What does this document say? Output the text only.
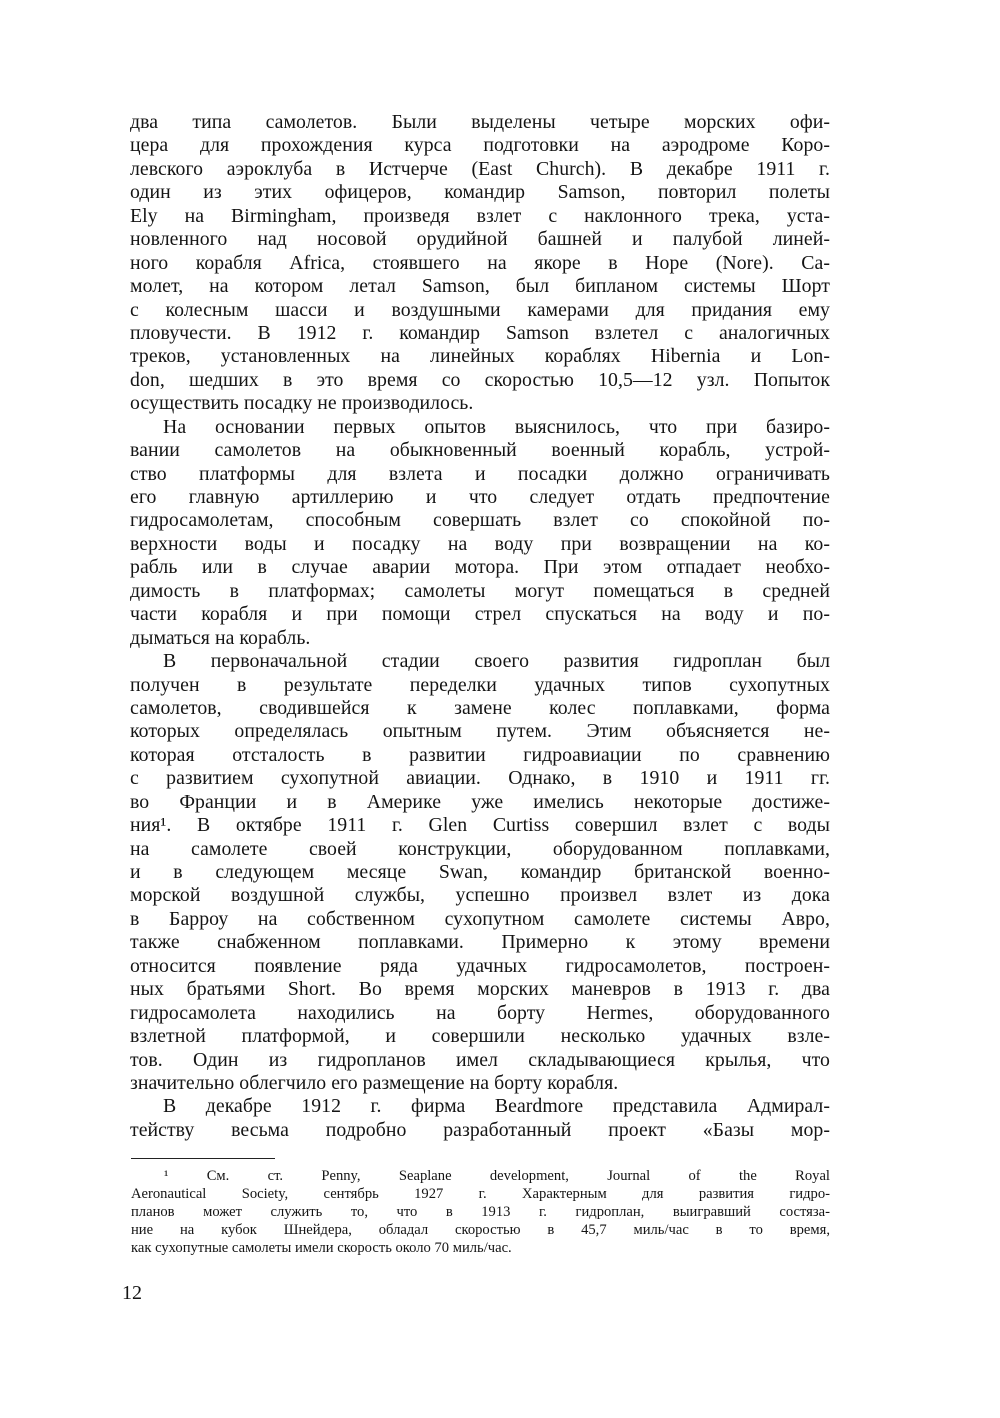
два типа самолетов. Были выделены четыре морских офи-
цера для прохождения курса подготовки на аэродроме Коро-
левского аэроклуба в Истчерче (East Church). В декабре 1911 г.
один из этих офицеров, командир Samson, повторил полеты
Ely на Birmingham, произведя взлет с наклонного трека, уста-
новленного над носовой орудийной башней и палубой линей-
ного корабля Africa, стоявшего на якоре в Hope (Nore). Са-
молет, на котором летал Samson, был бипланом системы Шорт
с колесным шасси и воздушными камерами для придания ему
пловучести. В 1912 г. командир Samson взлетел с аналогичных
треков, установленных на линейных кораблях Hibernia и Lon-
don, шедших в это время со скоростью 10,5—12 узл. Попыток
осуществить посадку не производилось.
На основании первых опытов выяснилось, что при базиро-
вании самолетов на обыкновенный военный корабль, устрой-
ство платформы для взлета и посадки должно ограничивать
его главную артиллерию и что следует отдать предпочтение
гидросамолетам, способным совершать взлет со спокойной по-
верхности воды и посадку на воду при возвращении на ко-
рабль или в случае аварии мотора. При этом отпадает необхо-
димость в платформах; самолеты могут помещаться в средней
части корабля и при помощи стрел спускаться на воду и по-
дыматься на корабль.
В первоначальной стадии своего развития гидроплан был
получен в результате переделки удачных типов сухопутных
самолетов, сводившейся к замене колес поплавками, форма
которых определялась опытным путем. Этим объясняется не-
которая отсталость в развитии гидроавиации по сравнению
с развитием сухопутной авиации. Однако, в 1910 и 1911 гг.
во Франции и в Америке уже имелись некоторые достиже-
ния¹. В октябре 1911 г. Glen Curtiss совершил взлет с воды
на самолете своей конструкции, оборудованном поплавками,
и в следующем месяце Swan, командир британской военно-
морской воздушной службы, успешно произвел взлет из дока
в Барроу на собственном сухопутном самолете системы Авро,
также снабженном поплавками. Примерно к этому времени
относится появление ряда удачных гидросамолетов, построен-
ных братьями Short. Во время морских маневров в 1913 г. два
гидросамолета находились на борту Hermes, оборудованного
взлетной платформой, и совершили несколько удачных взле-
тов. Один из гидропланов имел складывающиеся крылья, что
значительно облегчило его размещение на борту корабля.
В декабре 1912 г. фирма Beardmore представила Адмирал-
тейству весьма подробно разработанный проект «Базы мор-
¹ См. ст. Penny, Seaplane development, Journal of the Royal
Aeronautical Society, сентябрь 1927 г. Характерным для развития гидро-
планов может служить то, что в 1913 г. гидроплан, выигравший состяза-
ние на кубок Шнейдера, обладал скоростью в 45,7 миль/час в то время,
как сухопутные самолеты имели скорость около 70 миль/час.
12
